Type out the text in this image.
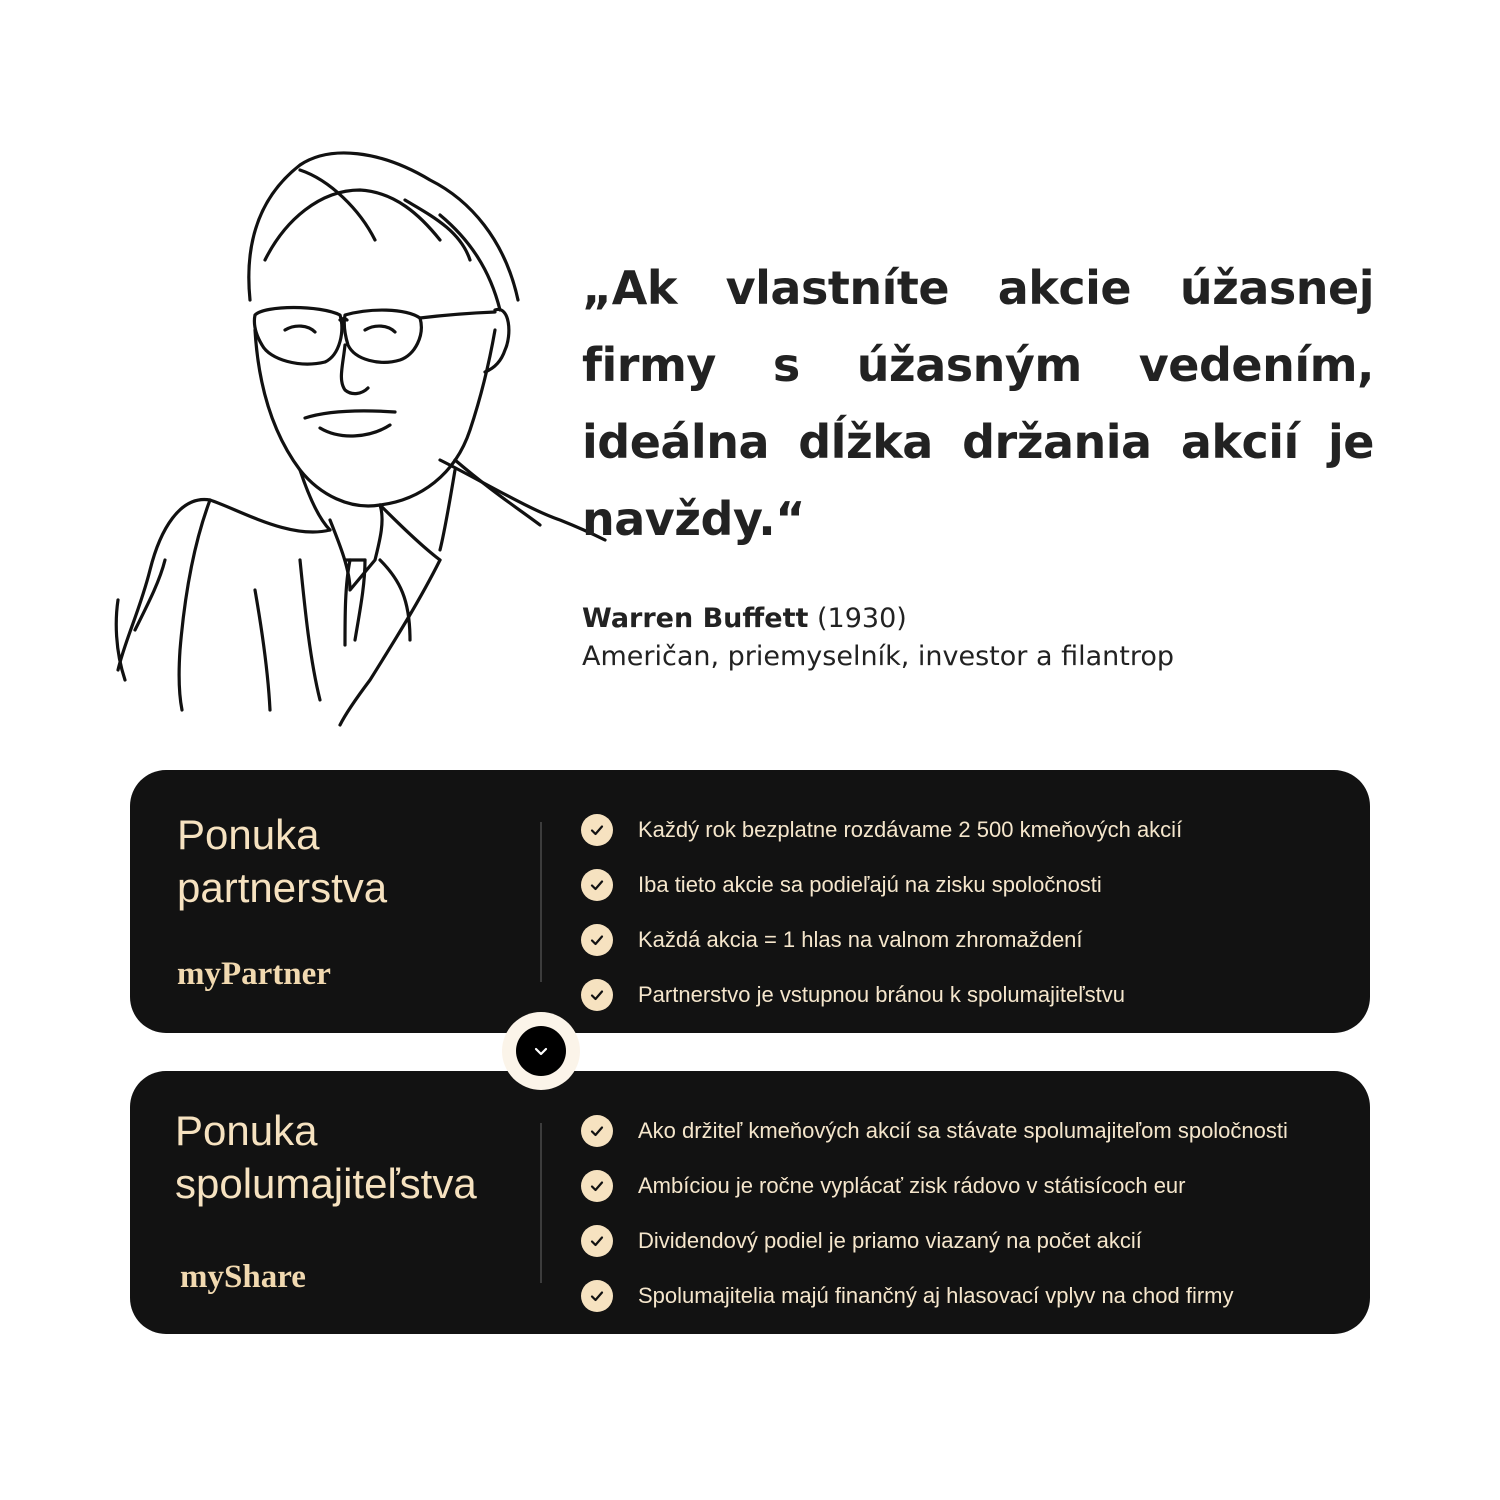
„Ak vlastníte akcie úžasnej firmy s úžasným vedením, ideálna dĺžka držania akcií je navždy.“
Warren Buffett (1930)
Američan, priemyselník, investor a filantrop
Ponuka
partnerstva
myPartner
Každý rok bezplatne rozdávame 2 500 kmeňových akcií
Iba tieto akcie sa podieľajú na zisku spoločnosti
Každá akcia = 1 hlas na valnom zhromaždení
Partnerstvo je vstupnou bránou k spolumajiteľstvu
Ponuka
spolumajiteľstva
myShare
Ako držiteľ kmeňových akcií sa stávate spolumajiteľom spoločnosti
Ambíciou je ročne vyplácať zisk rádovo v státisícoch eur
Dividendový podiel je priamo viazaný na počet akcií
Spolumajitelia majú finančný aj hlasovací vplyv na chod firmy
